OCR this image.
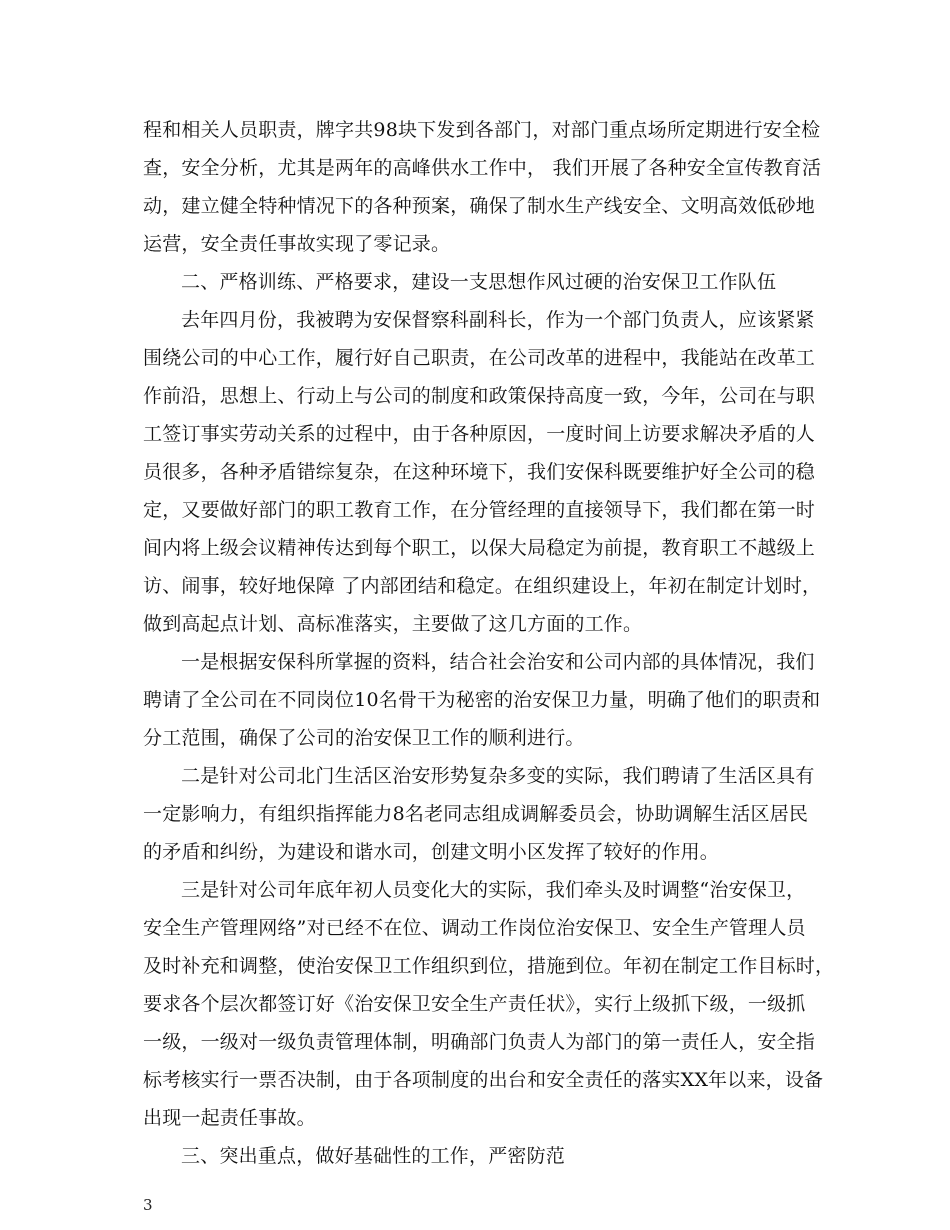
程和相关人员职责，牌字共98块下发到各部门，对部门重点场所定期进行安全检
查，安全分析，尤其是两年的高峰供水工作中， 我们开展了各种安全宣传教育活
动，建立健全特种情况下的各种预案，确保了制水生产线安全、文明高效低砂地
运营，安全责任事故实现了零记录。
二、严格训练、严格要求，建设一支思想作风过硬的治安保卫工作队伍
去年四月份，我被聘为安保督察科副科长，作为一个部门负责人，应该紧紧
围绕公司的中心工作，履行好自己职责，在公司改革的进程中，我能站在改革工
作前沿，思想上、行动上与公司的制度和政策保持高度一致，今年，公司在与职
工签订事实劳动关系的过程中，由于各种原因，一度时间上访要求解决矛盾的人
员很多，各种矛盾错综复杂，在这种环境下，我们安保科既要维护好全公司的稳
定，又要做好部门的职工教育工作，在分管经理的直接领导下，我们都在第一时
间内将上级会议精神传达到每个职工，以保大局稳定为前提，教育职工不越级上
访、闹事，较好地保障 了内部团结和稳定。在组织建设上，年初在制定计划时，
做到高起点计划、高标准落实，主要做了这几方面的工作。
一是根据安保科所掌握的资料，结合社会治安和公司内部的具体情况，我们
聘请了全公司在不同岗位10名骨干为秘密的治安保卫力量，明确了他们的职责和
分工范围，确保了公司的治安保卫工作的顺利进行。
二是针对公司北门生活区治安形势复杂多变的实际，我们聘请了生活区具有
一定影响力，有组织指挥能力8名老同志组成调解委员会，协助调解生活区居民
的矛盾和纠纷，为建设和谐水司，创建文明小区发挥了较好的作用。
三是针对公司年底年初人员变化大的实际，我们牵头及时调整“治安保卫，
安全生产管理网络”对已经不在位、调动工作岗位治安保卫、安全生产管理人员
及时补充和调整，使治安保卫工作组织到位，措施到位。年初在制定工作目标时，
要求各个层次都签订好《治安保卫安全生产责任状》，实行上级抓下级，一级抓
一级，一级对一级负责管理体制，明确部门负责人为部门的第一责任人，安全指
标考核实行一票否决制，由于各项制度的出台和安全责任的落实XX年以来，设备
出现一起责任事故。
三、突出重点，做好基础性的工作，严密防范
3
